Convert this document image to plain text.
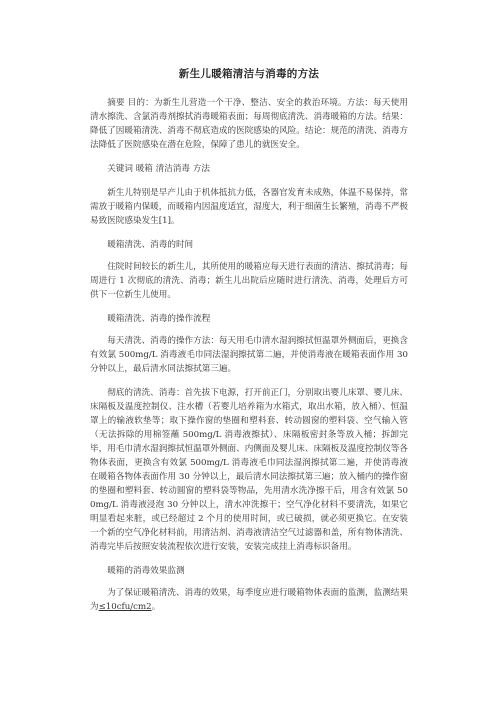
新生儿暖箱清洁与消毒的方法

摘要 目的：为新生儿营造一个干净、整洁、安全的救治环境。方法：每天使用清水擦洗、含氯消毒剂擦拭消毒暖箱表面；每周彻底清洗、消毒暖箱的方法。结果：降低了因暖箱清洗、消毒不彻底造成的医院感染的风险。结论：规范的清洗、消毒方法降低了医院感染在潜在危险，保障了患儿的就医安全。

关键词 暖箱 清洁消毒 方法

新生儿特别是早产儿由于机体抵抗力低，各器官发育未成熟，体温不易保持，常需放于暖箱内保暖，而暖箱内因温度适宜，湿度大，利于细菌生长繁殖，消毒不严极易致医院感染发生[1]。

暖箱清洗、消毒的时间

住院时间较长的新生儿，其所使用的暖箱应每天进行表面的清洁、擦拭消毒；每周进行 1 次彻底的清洗、消毒；新生儿出院后应随时进行清洗、消毒，处理后方可供下一位新生儿使用。

暖箱清洗、消毒的操作流程

每天清洗、消毒的操作方法：每天用毛巾清水湿润擦拭恒温罩外侧面后，更换含有效氯 500mg/L 消毒液毛巾同法湿润擦拭第二遍，并使消毒液在暖箱表面作用 30 分钟以上，最后清水同法擦拭第三遍。

彻底的清洗、消毒：首先拔下电源，打开前正门，分别取出婴儿床罩、婴儿床、床隔板及温度控制仪、注水槽（若婴儿培养箱为水箱式，取出水箱，放入桶）、恒温罩上的输液软垫等；取下操作窗的垫圈和塑料套、转动圆窗的塑料袋、空气输入管（无法拆除的用棉签蘸 500mg/L 消毒液擦拭）、床隔板密封条等放入桶；拆卸完毕，用毛巾清水湿润擦拭恒温罩外侧面、内侧面及婴儿床、床隔板及温度控制仪等各物体表面，更换含有效氯 500mg/L 消毒液毛巾同法湿润擦拭第二遍，并使消毒液在暖箱各物体表面作用 30 分钟以上，最后清水同法擦拭第三遍；放入桶内的操作窗的垫圈和塑料套、转动圆窗的塑料袋等物品，先用清水洗净擦干后，用含有效氯 500mg/L 消毒液浸泡 30 分钟以上，清水冲洗擦干；空气净化材料不要清洗，如果它明显看起来脏，或已经超过 2 个月的使用时间，或已破损，就必须更换它。在安装一个新的空气净化材料前，用清洁剂、消毒液清洁空气过滤器和盖，所有物体清洗、消毒完毕后按照安装流程依次进行安装，安装完成挂上消毒标识备用。

暖箱的消毒效果监测

为了保证暖箱清洗、消毒的效果，每季度应进行暖箱物体表面的监测，监测结果为≤10cfu/cm2。
